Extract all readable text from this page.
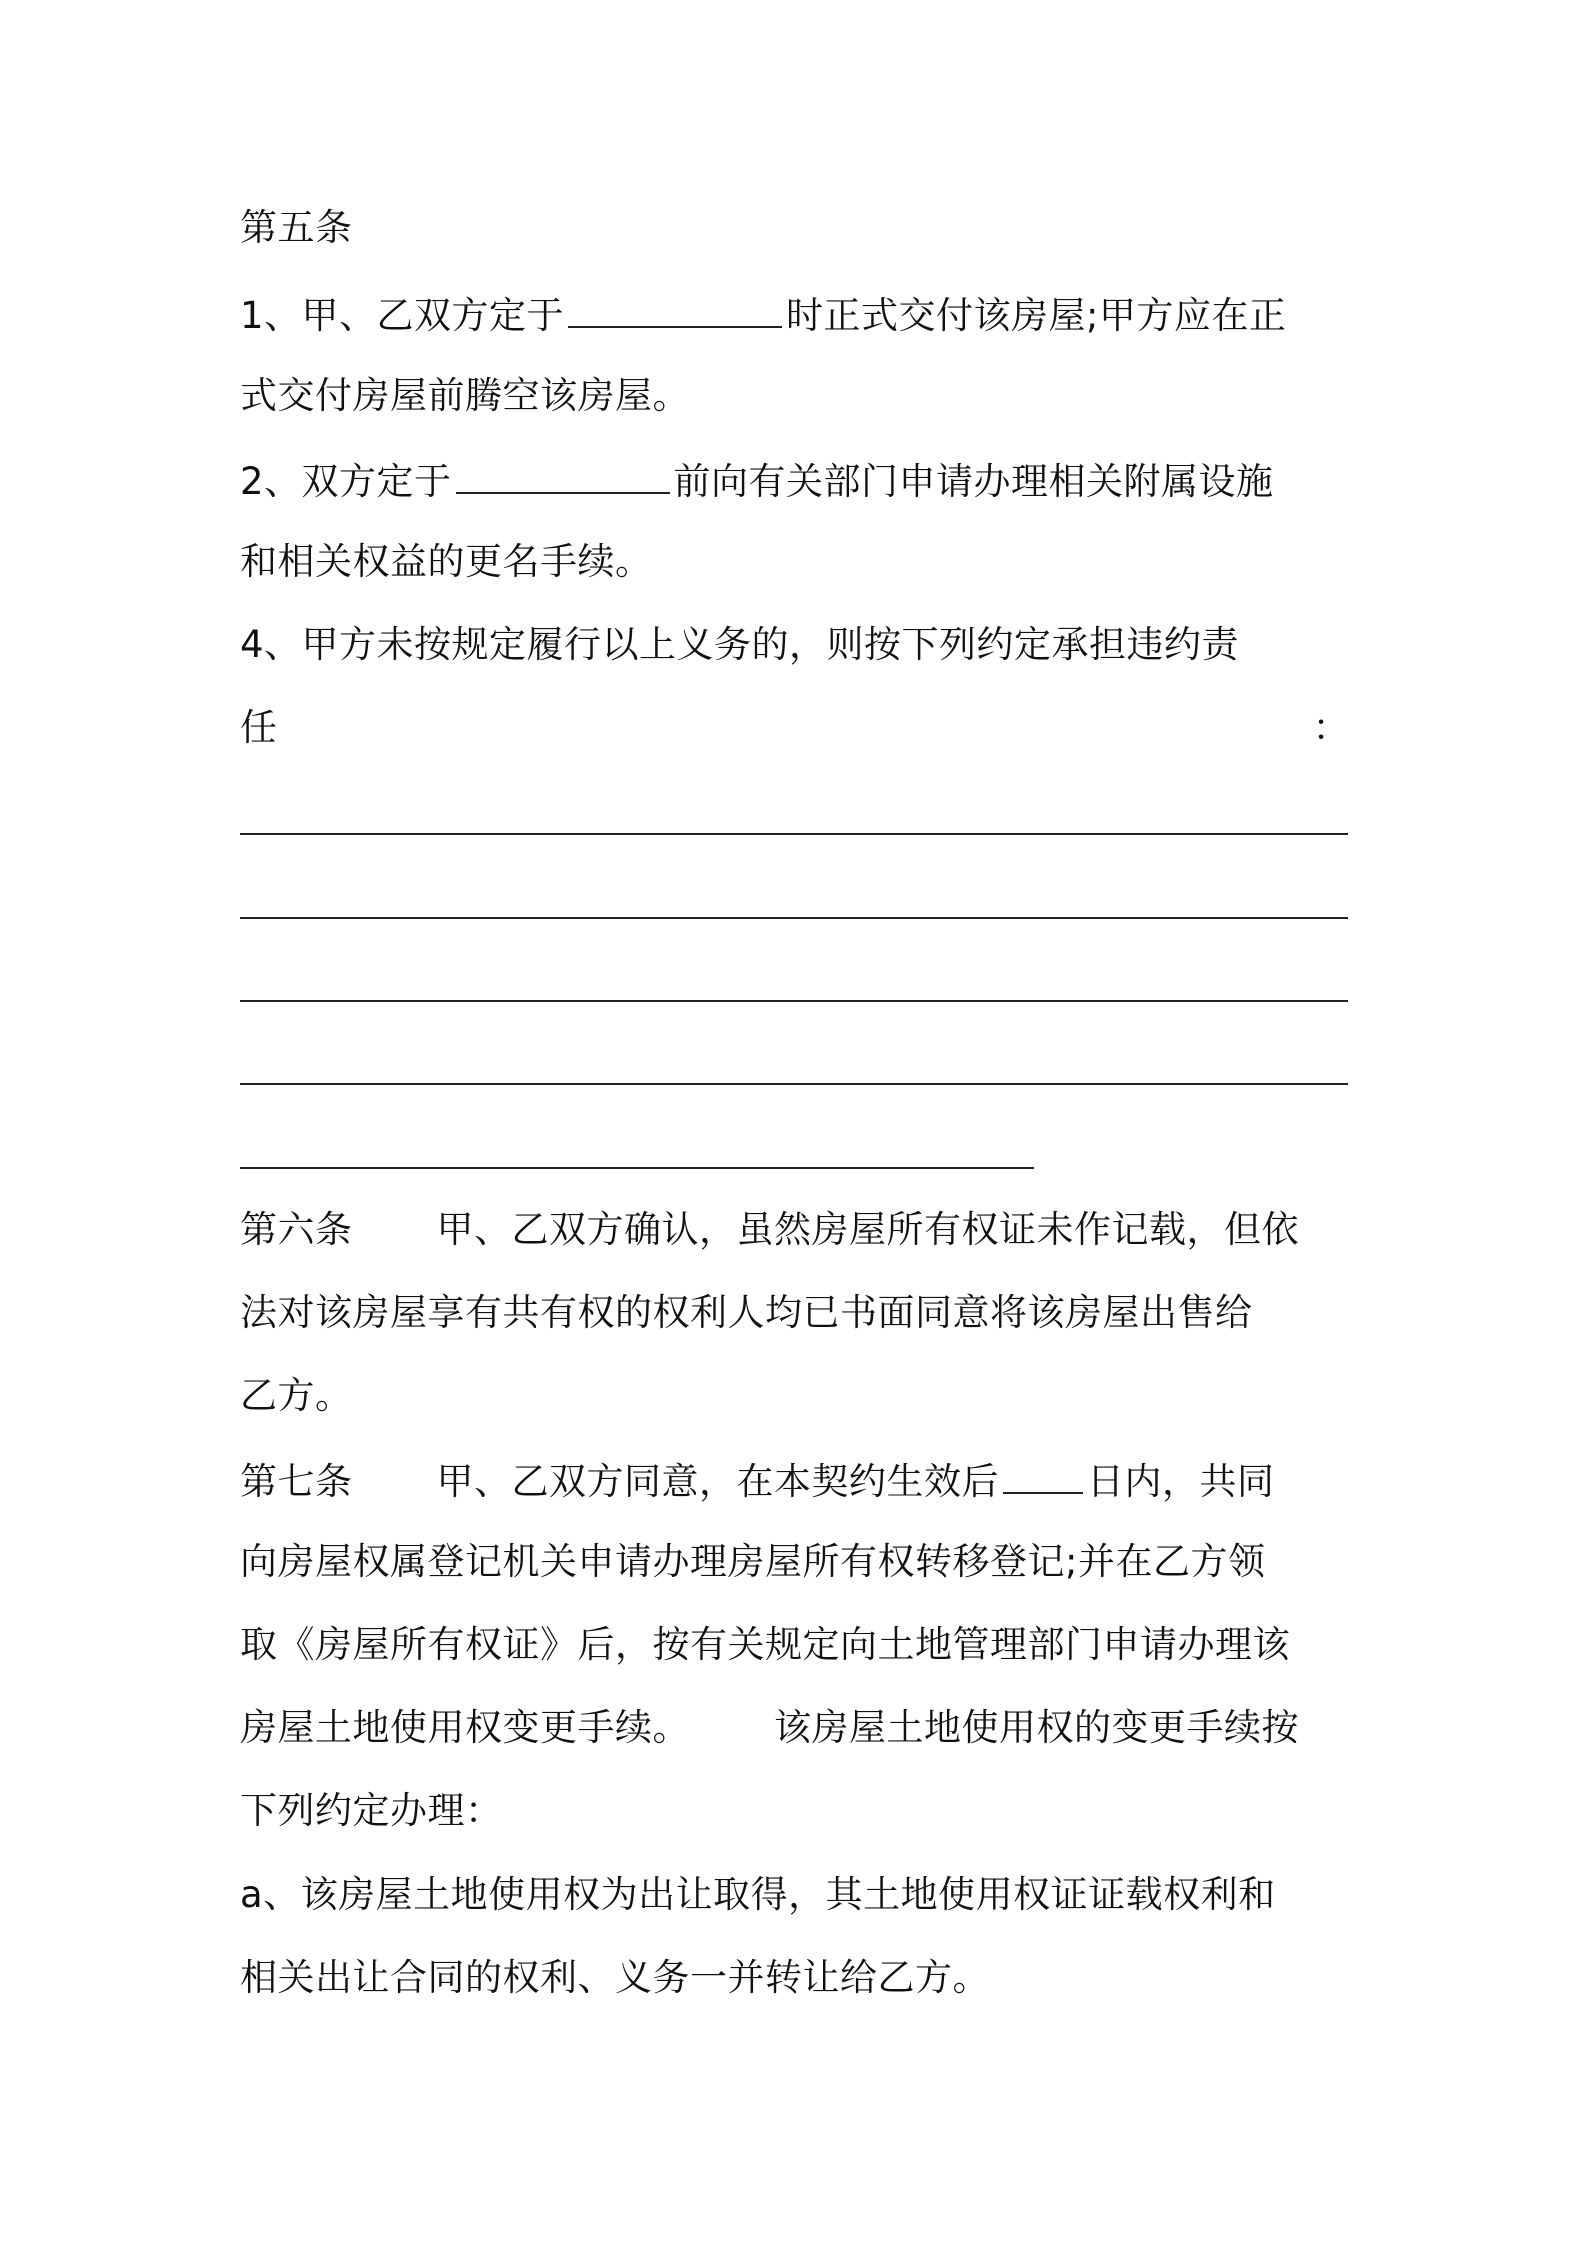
第五条
1、甲、乙双方定于	时正式交付该房屋;甲方应在正
式交付房屋前腾空该房屋。
2、双方定于	前向有关部门申请办理相关附属设施
和相关权益的更名手续。
4、甲方未按规定履行以上义务的，则按下列约定承担违约责
任	：
第六条 甲、乙双方确认，虽然房屋所有权证未作记载，但依
法对该房屋享有共有权的权利人均已书面同意将该房屋出售给
乙方。
第七条 甲、乙双方同意，在本契约生效后 日内，共同
向房屋权属登记机关申请办理房屋所有权转移登记;并在乙方领
取《房屋所有权证》后，按有关规定向土地管理部门申请办理该
房屋土地使用权变更手续。 该房屋土地使用权的变更手续按
下列约定办理：
a、该房屋土地使用权为出让取得，其土地使用权证证载权利和
相关出让合同的权利、义务一并转让给乙方。
